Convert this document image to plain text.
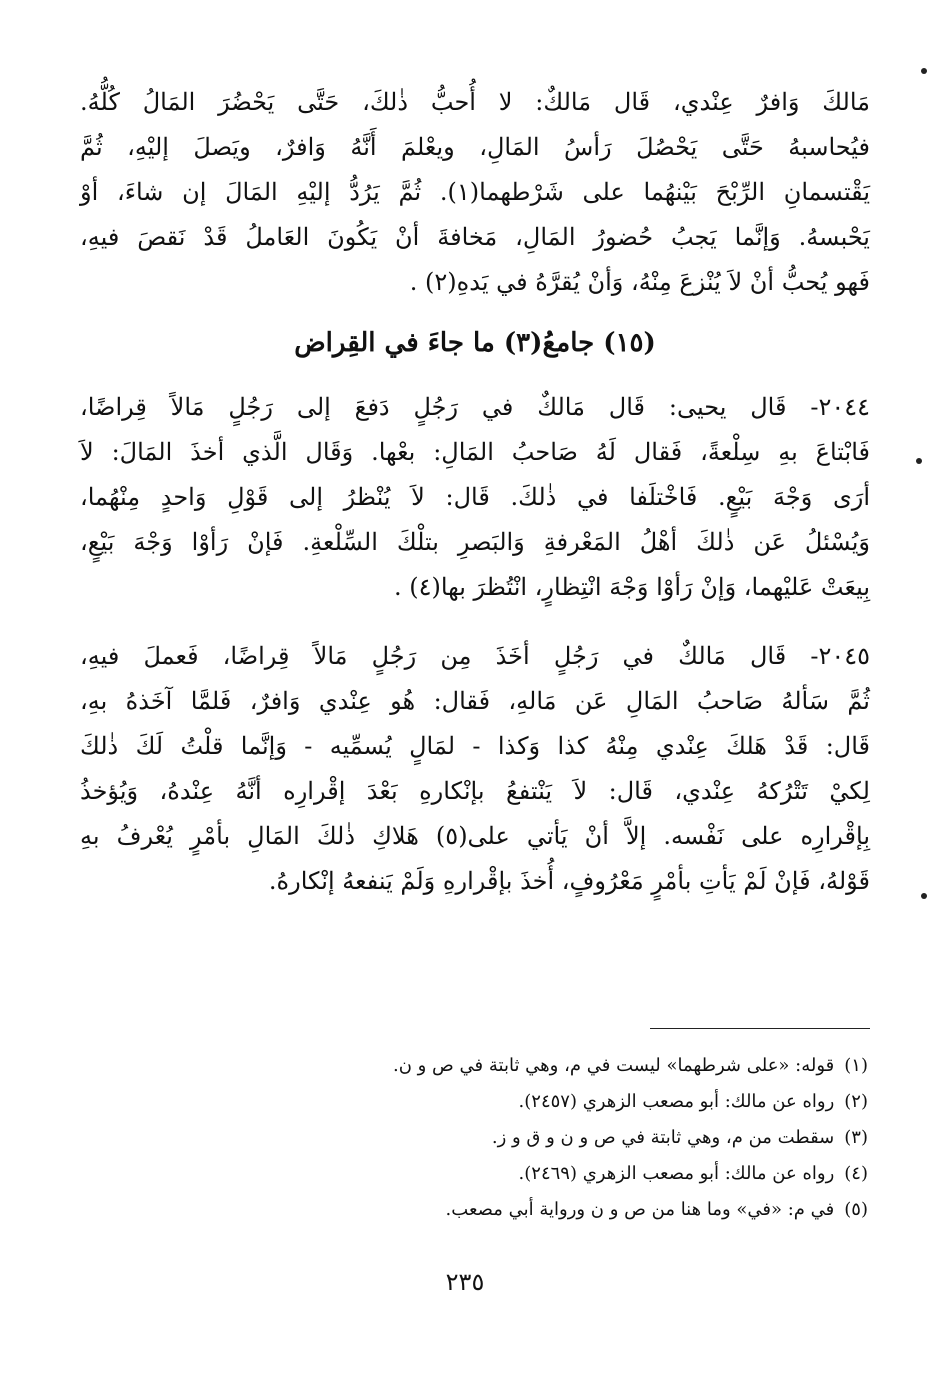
مَالكَ وَافرٌ عِنْدي، قَال مَالكٌ: لا أُحبُّ ذٰلكَ، حَتَّى يَحْضُرَ المَالُ كُلُّهُ.
فيُحاسبهُ حَتَّى يَحْصُلَ رَأسُ المَالِ، ويعْلمَ أَنَّهُ وَافرٌ، ويَصلَ إليْهِ، ثُمَّ
يَقْتسمانِ الرِّبْحَ بَيْنهُما على شَرْطهما(١). ثُمَّ يَرُدُّ إليْهِ المَالَ إن شاءَ، أوْ
يَحْبسهُ. وَإنَّما يَجبُ حُضورُ المَالِ، مَخافةَ أنْ يَكُونَ العَاملُ قَدْ نَقصَ فيهِ،
فَهو يُحبُّ أنْ لاَ يُنْزعَ مِنْهُ، وَأنْ يُقرَّهُ في يَدهِ(٢) .

(١٥) جامعُ(٣) ما جاءَ في القِراض

٢٠٤٤- قَال يحيى: قَال مَالكٌ في رَجُلٍ دَفعَ إلى رَجُلٍ مَالاً قِراضًا،
فَابْتاعَ بهِ سِلْعةً، فَقال لَهُ صَاحبُ المَالِ: بعْها. وَقَال الَّذي أخذَ المَالَ: لاَ
أرَى وَجْهَ بَيْعٍ. فَاخْتلَفا في ذٰلكَ. قَال: لاَ يُنْظرُ إلى قَوْلِ وَاحدٍ مِنْهُما،
وَيُسْئلُ عَن ذٰلكَ أهْلُ المَعْرفةِ وَالبَصرِ بتلْكَ السِّلْعةِ. فَإنْ رَأوْا وَجْهَ بَيْعٍ،
بِيعَتْ عَليْهما، وَإنْ رَأوْا وَجْهَ انْتِظارٍ، انْتُظرَ بها(٤) .

٢٠٤٥- قَال مَالكٌ في رَجُلٍ أخَذَ مِن رَجُلٍ مَالاً قِراضًا، فَعملَ فيهِ،
ثُمَّ سَألهُ صَاحبُ المَالِ عَن مَالهِ، فَقال: هُو عِنْدي وَافرٌ، فَلمَّا آخَذهُ بهِ،
قَال: قَدْ هَلكَ عِنْدي مِنْهُ كذا وَكذا - لمَالٍ يُسمِّيه - وَإنَّما قلْتُ لَكَ ذٰلكَ
لِكيْ تَتْرُكهُ عِنْدي، قَال: لاَ يَنْتفعُ بإنْكارهِ بَعْدَ إقْرارِه أنَّهُ عِنْدهُ، وَيُؤخذُ
بِإقْرارِه على نَفْسه. إلاَّ أنْ يَأتي على(٥) هَلاكِ ذٰلكَ المَالِ بأمْرٍ يُعْرفُ بهِ
قَوْلهُ، فَإنْ لَمْ يَأتِ بأمْرٍ مَعْرُوفٍ، أُخذَ بإقْرارهِ وَلَمْ يَنفعهُ إنْكارهُ.

(١)قوله: «على شرطهما» ليست في م، وهي ثابتة في ص و ن.
(٢)رواه عن مالك: أبو مصعب الزهري (٢٤٥٧).
(٣)سقطت من م، وهي ثابتة في ص و ن و ق و ز.
(٤)رواه عن مالك: أبو مصعب الزهري (٢٤٦٩).
(٥)في م: «في» وما هنا من ص و ن ورواية أبي مصعب.
٢٣٥
